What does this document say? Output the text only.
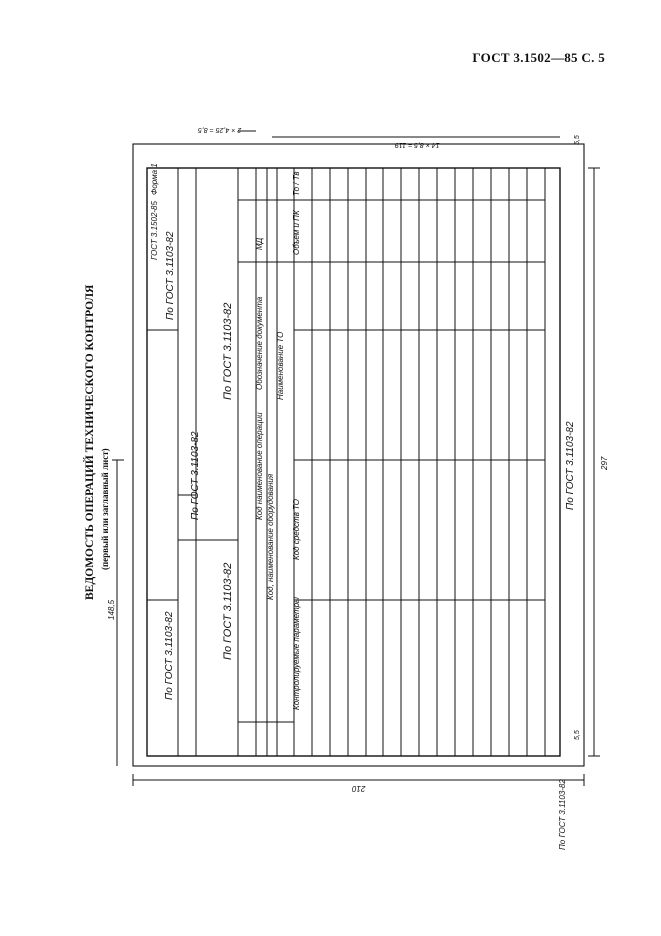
ГОСТ 3.1502—85 С. 5
ВЕДОМОСТЬ ОПЕРАЦИЙ ТЕХНИЧЕСКОГО КОНТРОЛЯ (первый или заглавный лист)
По ГОСТ 3.1103-82
По ГОСТ 3.1103-82	По ГОСТ 3.1103-82
По ГОСТ 3.1103-82
По ГОСТ 3.1103-82
По ГОСТ 3.1103-82
По ГОСТ 3.1103-82
ГОСТ 3.1502-85
Форма 1
Код наименование операции
Обозначение документа
Код, наименование оборудования
Наименование ТО
Код средств ТО
Контролируемые параметры
МД	Объем и ПК
То / Тв
210
297
148,5
14 × 8,5 = 119
2 × 4,25 = 8,5
5,5
5,5
